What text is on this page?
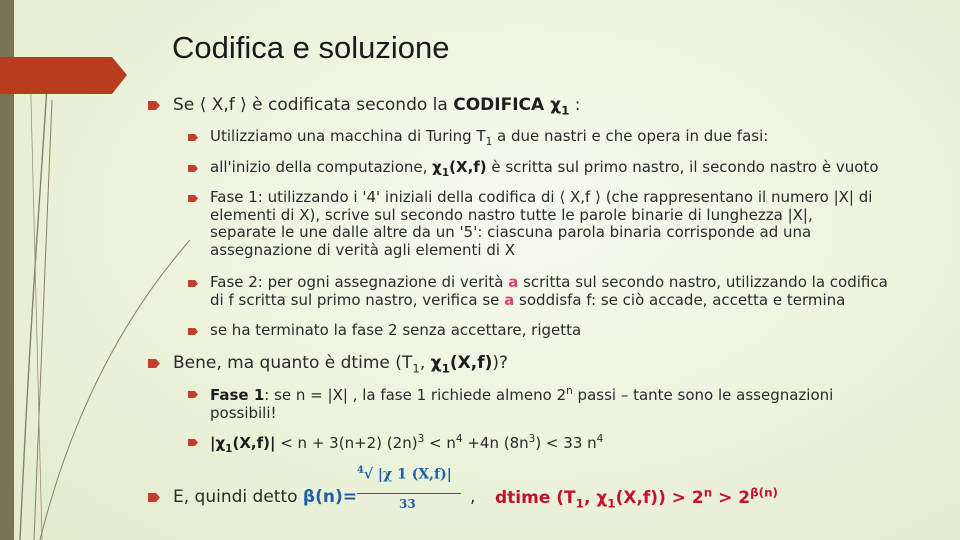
Codifica e soluzione
Se ⟨ X,f ⟩ è codificata secondo la CODIFICA $\chi_1$ :
Utilizziamo una macchina di Turing $T_1$ a due nastri e che opera in due fasi:
all'inizio della computazione, $\chi_1(X,f)$ è scritta sul primo nastro, il secondo nastro è vuoto
Fase 1: utilizzando i '4' iniziali della codifica di ⟨ X,f ⟩ (che rappresentano il numero |X| di
elementi di X), scrive sul secondo nastro tutte le parole binarie di lunghezza |X|,
separate le une dalle altre da un '5': ciascuna parola binaria corrisponde ad una
assegnazione di verità agli elementi di X
Fase 2: per ogni assegnazione di verità a scritta sul secondo nastro, utilizzando la codifica
di f scritta sul primo nastro, verifica se a soddisfa f: se ciò accade, accetta e termina
se ha terminato la fase 2 senza accettare, rigetta
Bene, ma quanto è dtime ($T_1$, $\chi_1(X,f)$)?
Fase 1: se n = |X| , la fase 1 richiede almeno 2$^n$ passi – tante sono le assegnazioni
possibili!
$|\chi_1(X,f)| < n + 3(n+2) (2n)^3 < n^4 +4n$ $(8n^3) < 33$ $n^4$
E, quindi detto β(n)=	, dtime ($T_1$, $\chi_1(X,f)) > 2^n > 2^{\beta(n)}$
$^4$√ |χ 1 (X,f)|
33
